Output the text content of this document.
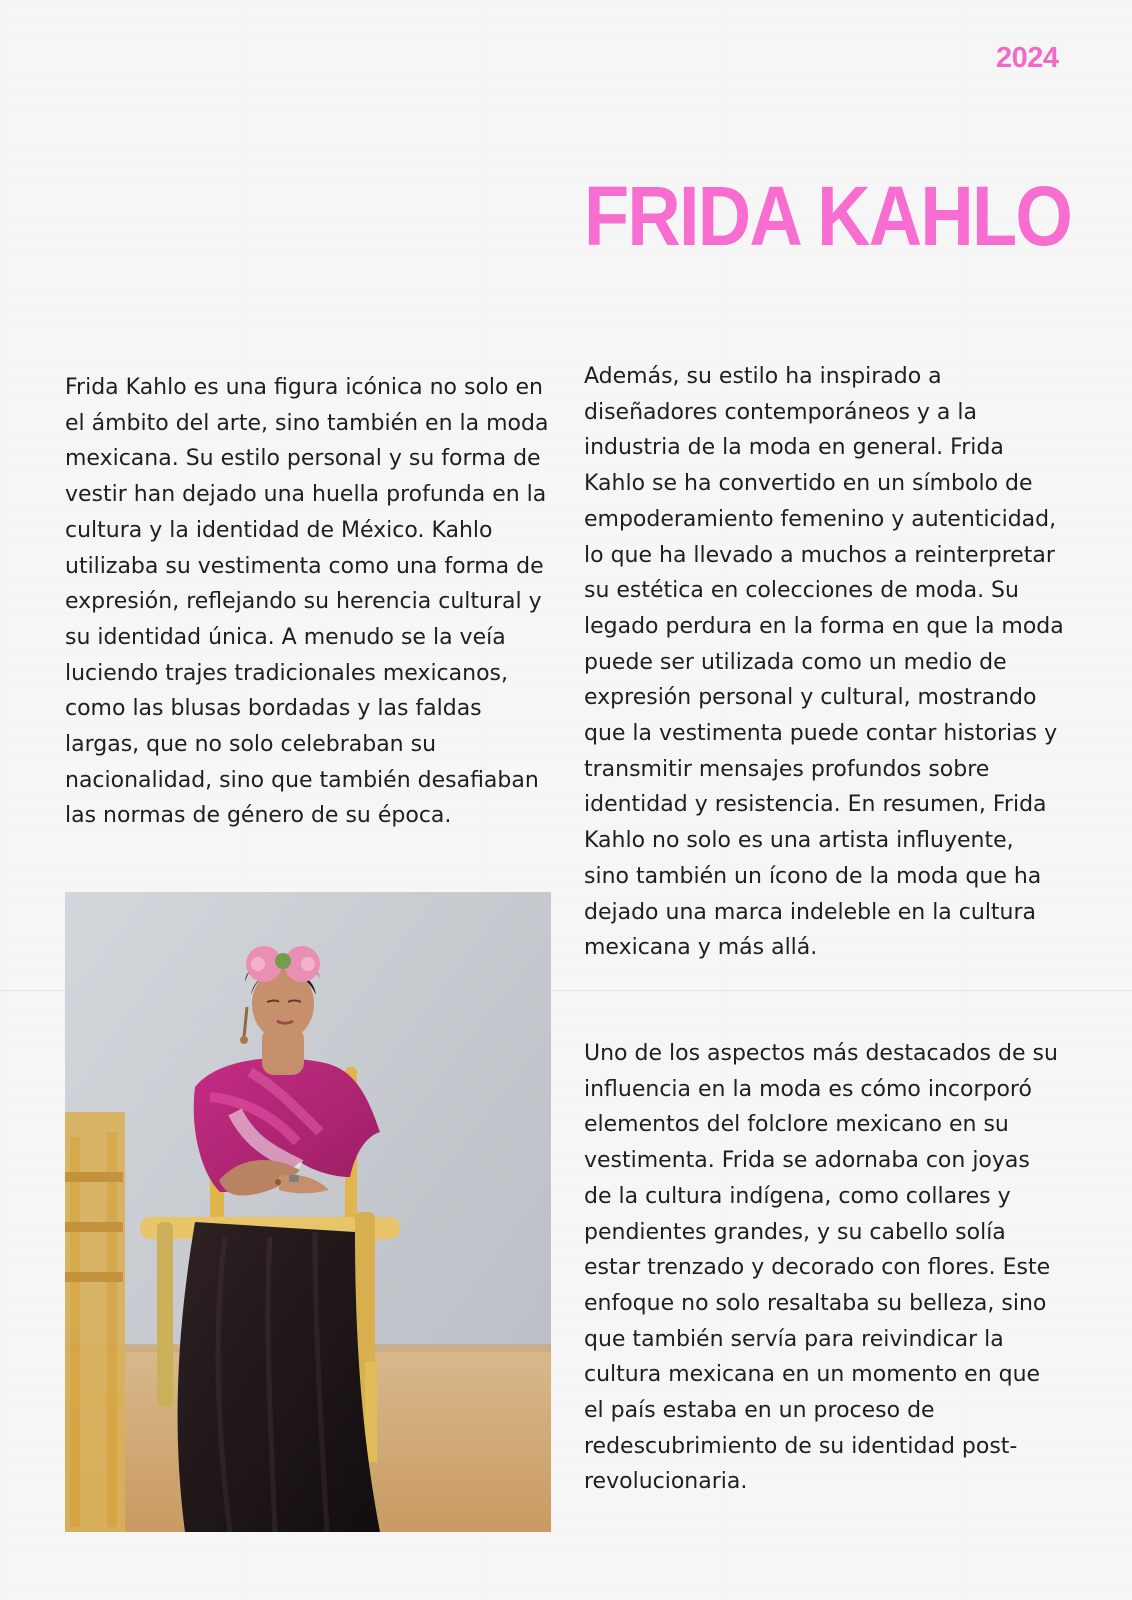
2024
FRIDA KAHLO

Frida Kahlo es una figura icónica no solo en el ámbito del arte, sino también en la moda mexicana. Su estilo personal y su forma de vestir han dejado una huella profunda en la cultura y la identidad de México. Kahlo utilizaba su vestimenta como una forma de expresión, reflejando su herencia cultural y su identidad única. A menudo se la veía luciendo trajes tradicionales mexicanos, como las blusas bordadas y las faldas largas, que no solo celebraban su nacionalidad, sino que también desafiaban las normas de género de su época.

Además, su estilo ha inspirado a diseñadores contemporáneos y a la industria de la moda en general. Frida Kahlo se ha convertido en un símbolo de empoderamiento femenino y autenticidad, lo que ha llevado a muchos a reinterpretar su estética en colecciones de moda. Su legado perdura en la forma en que la moda puede ser utilizada como un medio de expresión personal y cultural, mostrando que la vestimenta puede contar historias y transmitir mensajes profundos sobre identidad y resistencia. En resumen, Frida Kahlo no solo es una artista influyente, sino también un ícono de la moda que ha dejado una marca indeleble en la cultura mexicana y más allá.

Uno de los aspectos más destacados de su influencia en la moda es cómo incorporó elementos del folclore mexicano en su vestimenta. Frida se adornaba con joyas de la cultura indígena, como collares y pendientes grandes, y su cabello solía estar trenzado y decorado con flores. Este enfoque no solo resaltaba su belleza, sino que también servía para reivindicar la cultura mexicana en un momento en que el país estaba en un proceso de redescubrimiento de su identidad post-revolucionaria.
